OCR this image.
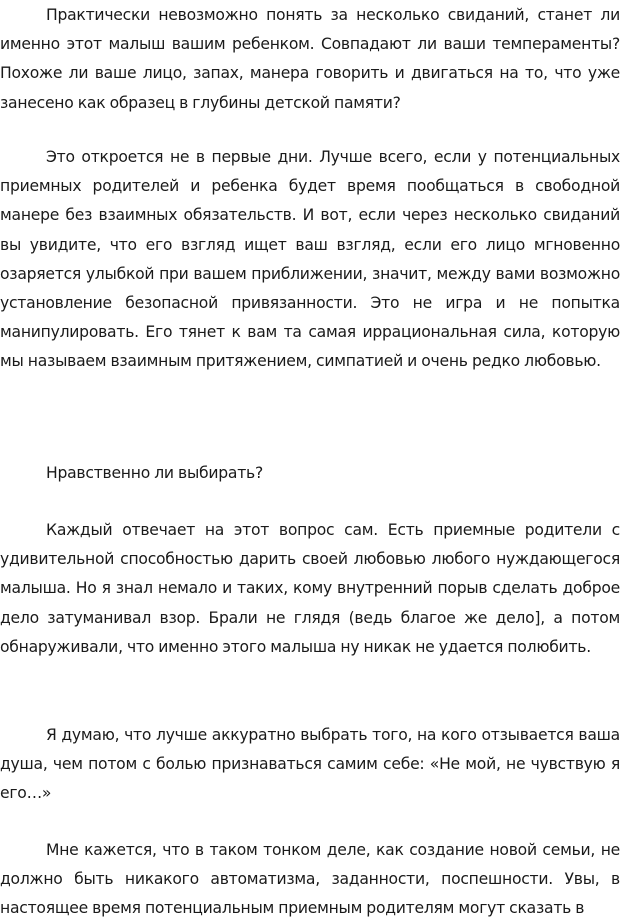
Практически невозможно понять за несколько свиданий, станет ли именно этот малыш вашим ребенком. Совпадают ли ваши темпераменты? Похоже ли ваше лицо, запах, манера говорить и двигаться на то, что уже занесено как образец в глубины детской памяти?

Это откроется не в первые дни. Лучше всего, если у потенциальных приемных родителей и ребенка будет время пообщаться в свободной манере без взаимных обязательств. И вот, если через несколько свиданий вы увидите, что его взгляд ищет ваш взгляд, если его лицо мгновенно озаряется улыбкой при вашем приближении, значит, между вами возможно установление безопасной привязанности. Это не игра и не попытка манипулировать. Его тянет к вам та самая иррациональная сила, которую мы называем взаимным притяжением, симпатией и очень редко любовью.

Нравственно ли выбирать?

Каждый отвечает на этот вопрос сам. Есть приемные родители с удивительной способностью дарить своей любовью любого нуждающегося малыша. Но я знал немало и таких, кому внутренний порыв сделать доброе дело затуманивал взор. Брали не глядя (ведь благое же дело], а потом обнаруживали, что именно этого малыша ну никак не удается полюбить.

Я думаю, что лучше аккуратно выбрать того, на кого отзывается ваша душа, чем потом с болью признаваться самим себе: «Не мой, не чувствую я его…»

Мне кажется, что в таком тонком деле, как создание новой семьи, не должно быть никакого автоматизма, заданности, поспешности. Увы, в настоящее время потенциальным приемным родителям могут сказать в
